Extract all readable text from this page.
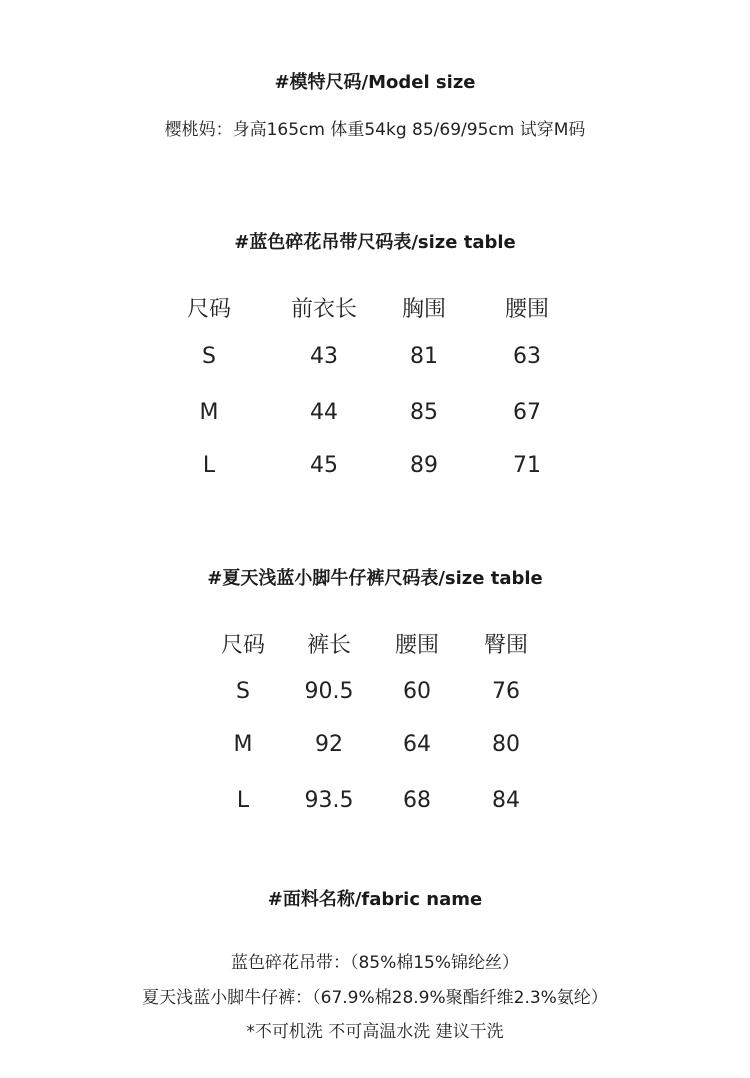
#模特尺码/Model size
樱桃妈：身高165cm 体重54kg 85/69/95cm 试穿M码
#蓝色碎花吊带尺码表/size table
尺码	前衣长 胸围	腰围
S	43	81	63
M	44	85	67
L	45	89	71
#夏天浅蓝小脚牛仔裤尺码表/size table
尺码 裤长 腰围 臀围
S 90.5 60	76
M	92	64	80
L	93.5 68	84
#面料名称/fabric name
蓝色碎花吊带：（85%棉15%锦纶丝）
夏天浅蓝小脚牛仔裤：（67.9%棉28.9%聚酯纤维2.3%氨纶）
*不可机洗 不可高温水洗 建议干洗
